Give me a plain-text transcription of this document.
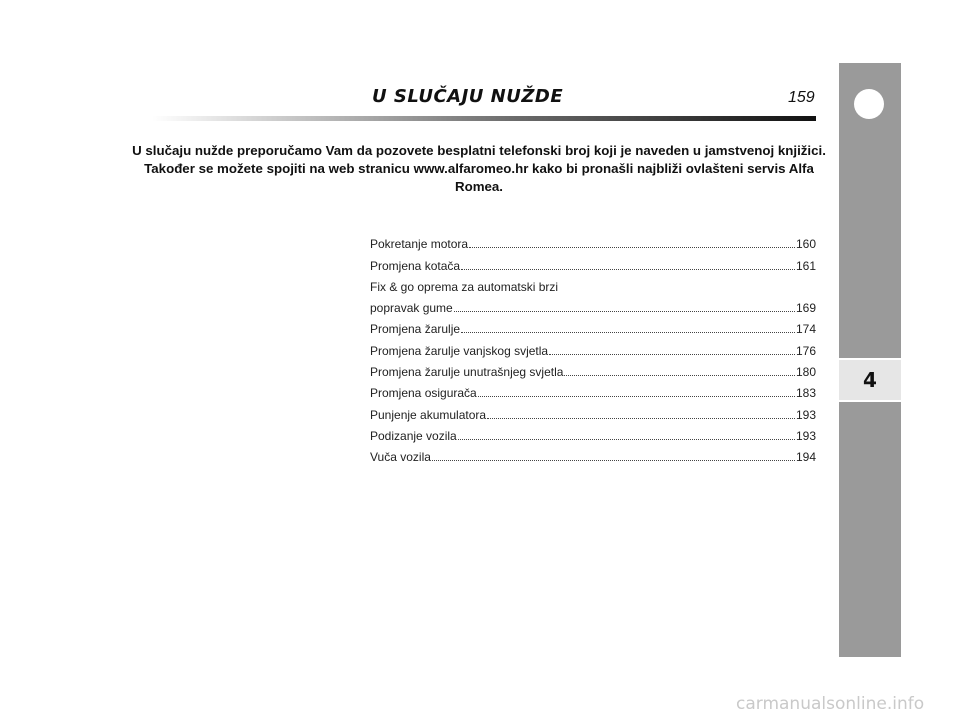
U SLUČAJU NUŽDE	159
U slučaju nužde preporučamo Vam da pozovete besplatni telefonski broj koji je naveden u jamstvenoj knjižici.
Također se možete spojiti na web stranicu www.alfaromeo.hr kako bi pronašli najbliži ovlašteni servis Alfa Romea.
Pokretanje motora	160
Promjena kotača	161
Fix & go oprema za automatski brzi
popravak gume	169
Promjena žarulje	174
Promjena žarulje vanjskog svjetla	176
Promjena žarulje unutrašnjeg svjetla	180
Promjena osigurača	183
Punjenje akumulatora	193
Podizanje vozila	193
Vuča vozila	194
4
carmanualsonline.info
